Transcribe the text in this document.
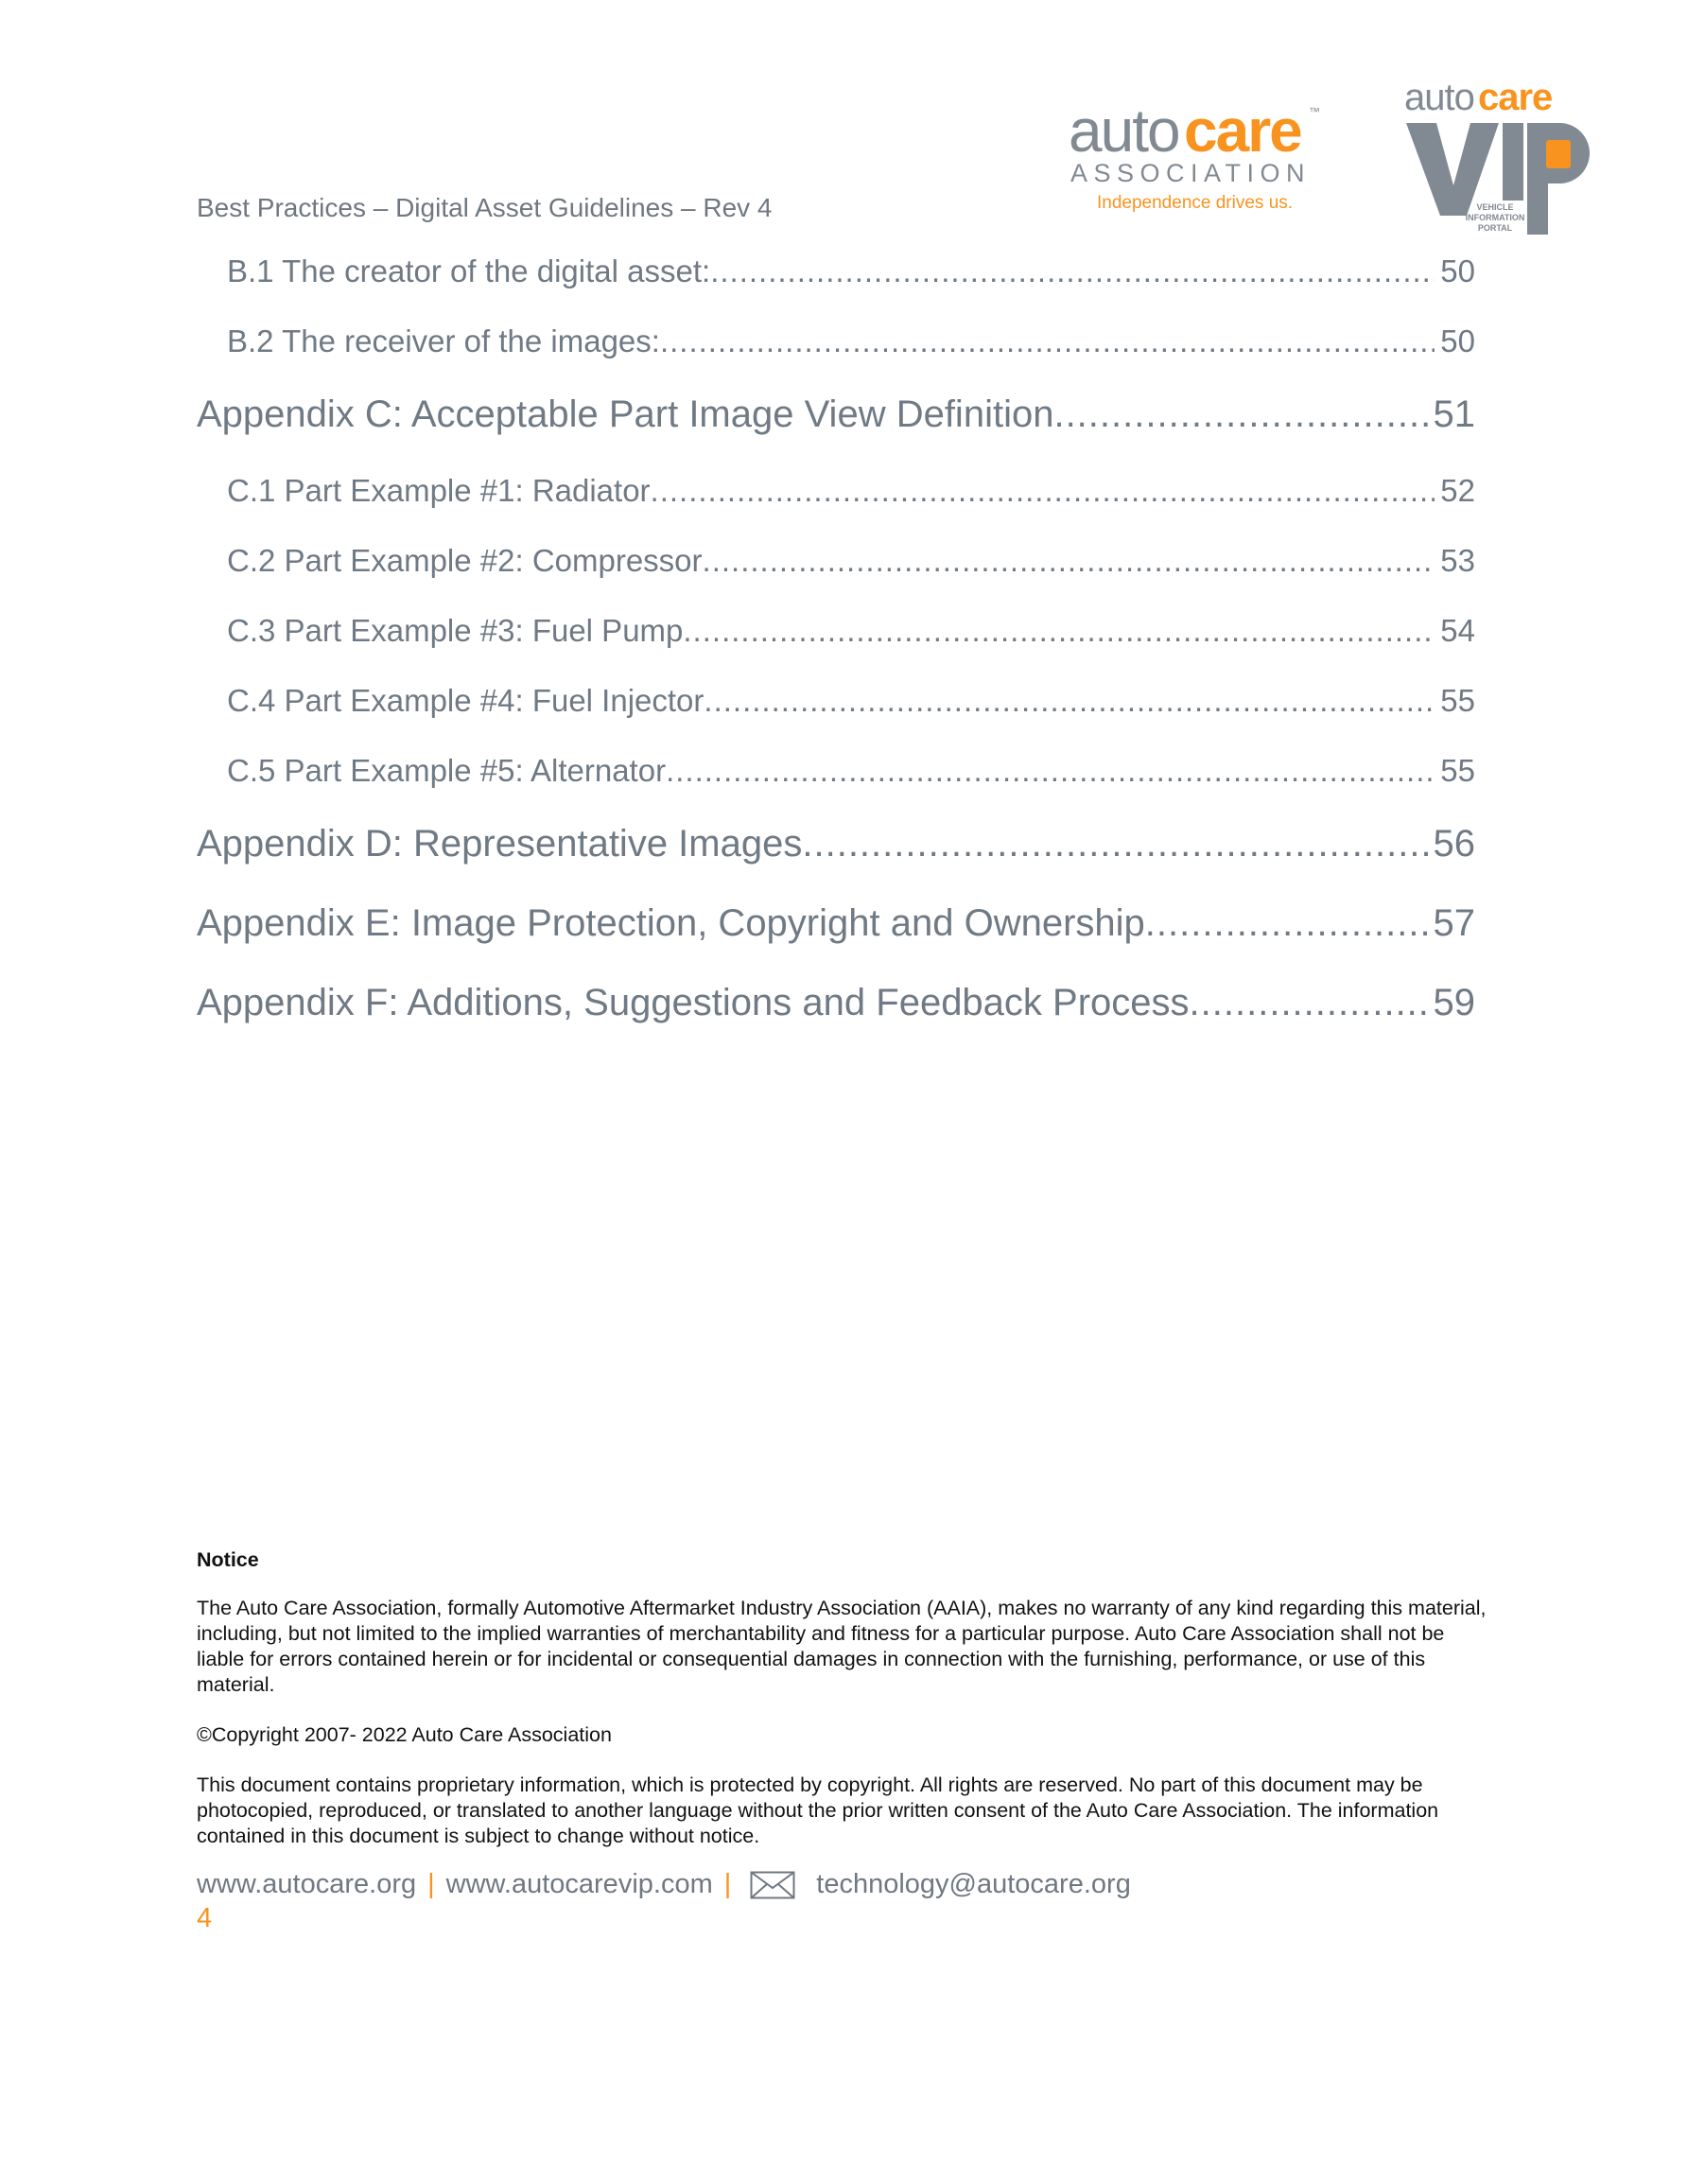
Best Practices – Digital Asset Guidelines – Rev 4
auto care ™
ASSOCIATION
Independence drives us.
auto care
VEHICLE
INFORMATION
PORTAL
B.1 The creator of the digital asset: .....	50
B.2 The receiver of the images: .....	50
Appendix C: Acceptable Part Image View Definition .....	51
C.1 Part Example #1: Radiator .....	52
C.2 Part Example #2: Compressor .....	53
C.3 Part Example #3: Fuel Pump .....	54
C.4 Part Example #4: Fuel Injector .....	55
C.5 Part Example #5: Alternator .....	55
Appendix D: Representative Images .....	56
Appendix E: Image Protection, Copyright and Ownership .....	57
Appendix F: Additions, Suggestions and Feedback Process .....	59
Notice

The Auto Care Association, formally Automotive Aftermarket Industry Association (AAIA), makes no warranty of any kind regarding this material, including, but not limited to the implied warranties of merchantability and fitness for a particular purpose. Auto Care Association shall not be liable for errors contained herein or for incidental or consequential damages in connection with the furnishing, performance, or use of this material.

©Copyright 2007- 2022 Auto Care Association

This document contains proprietary information, which is protected by copyright. All rights are reserved. No part of this document may be photocopied, reproduced, or translated to another language without the prior written consent of the Auto Care Association. The information contained in this document is subject to change without notice.

www.autocare.org | www.autocarevip.com |	technology@autocare.org
4
